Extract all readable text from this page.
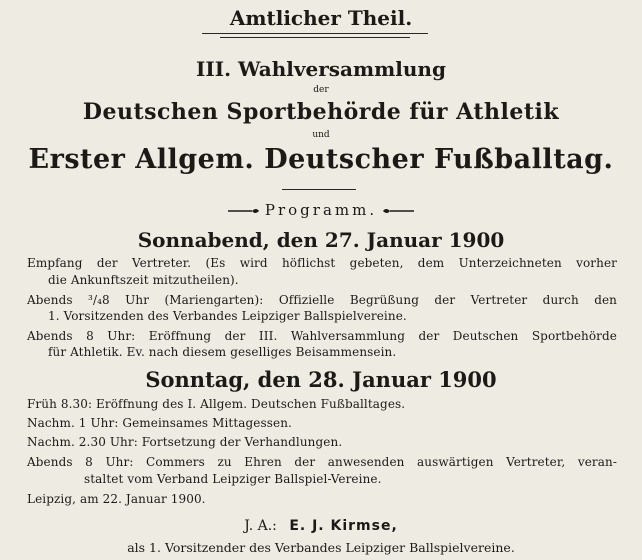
Amtlicher Theil.
III. Wahlversammlung
der
Deutschen Sportbehörde für Athletik
und
Erster Allgem. Deutscher Fußballtag.
Programm.
Sonnabend, den 27. Januar 1900
Empfang der Vertreter. (Es wird höflichst gebeten, dem Unterzeichneten vorher
die Ankunftszeit mitzutheilen).
Abends ³/₄8 Uhr (Mariengarten): Offizielle Begrüßung der Vertreter durch den
1. Vorsitzenden des Verbandes Leipziger Ballspielvereine.
Abends 8 Uhr: Eröffnung der III. Wahlversammlung der Deutschen Sportbehörde
für Athletik. Ev. nach diesem geselliges Beisammensein.
Sonntag, den 28. Januar 1900
Früh 8.30: Eröffnung des I. Allgem. Deutschen Fußballtages.
Nachm. 1 Uhr: Gemeinsames Mittagessen.
Nachm. 2.30 Uhr: Fortsetzung der Verhandlungen.
Abends 8 Uhr: Commers zu Ehren der anwesenden auswärtigen Vertreter, veran-
staltet vom Verband Leipziger Ballspiel-Vereine.
Leipzig, am 22. Januar 1900.
J. A.: E. J. Kirmse,
als 1. Vorsitzender des Verbandes Leipziger Ballspielvereine.
